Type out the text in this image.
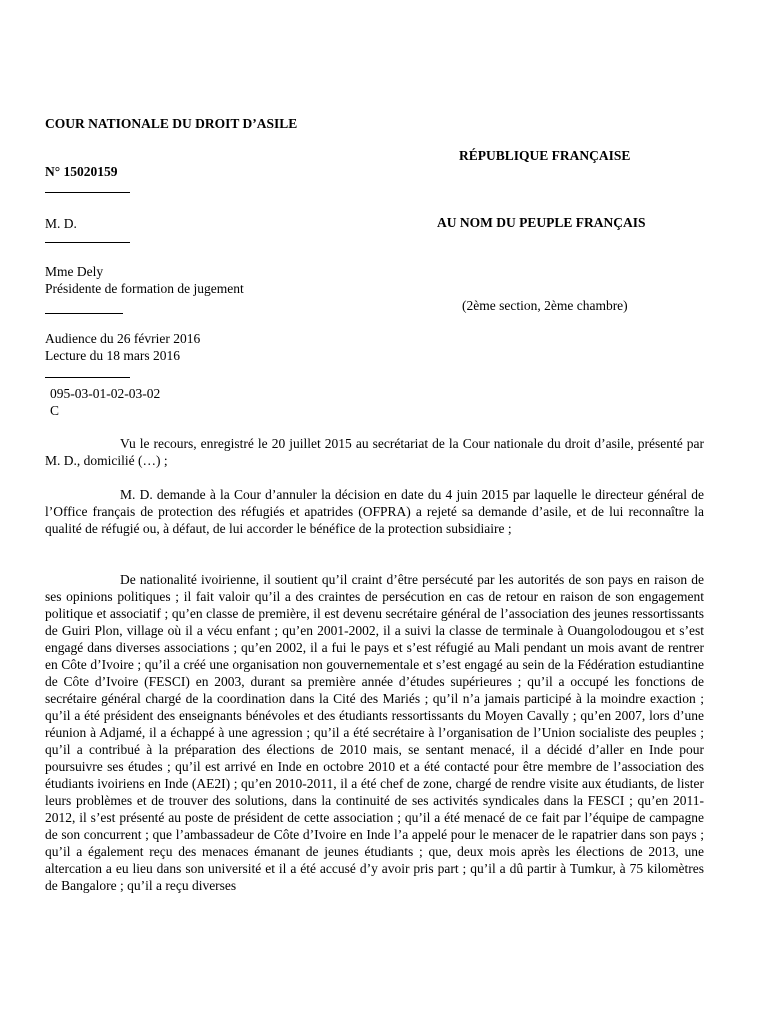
COUR NATIONALE DU DROIT D’ASILE
N° 15020159
M. D.
Mme Dely
Présidente de formation de jugement
Audience du 26 février 2016
Lecture du 18 mars 2016
095-03-01-02-03-02
C
RÉPUBLIQUE FRANÇAISE
AU NOM DU PEUPLE FRANÇAIS
(2ème section, 2ème chambre)

Vu le recours, enregistré le 20 juillet 2015 au secrétariat de la Cour nationale du droit d’asile, présenté par M. D., domicilié (…) ;

M. D. demande à la Cour d’annuler la décision en date du 4 juin 2015 par laquelle le directeur général de l’Office français de protection des réfugiés et apatrides (OFPRA) a rejeté sa demande d’asile, et de lui reconnaître la qualité de réfugié ou, à défaut, de lui accorder le bénéfice de la protection subsidiaire ;

De nationalité ivoirienne, il soutient qu’il craint d’être persécuté par les autorités de son pays en raison de ses opinions politiques ; il fait valoir qu’il a des craintes de persécution en cas de retour en raison de son engagement politique et associatif ; qu’en classe de première, il est devenu secrétaire général de l’association des jeunes ressortissants de Guiri Plon, village où il a vécu enfant ; qu’en 2001-2002, il a suivi la classe de terminale à Ouangolodougou et s’est engagé dans diverses associations ; qu’en 2002, il a fui le pays et s’est réfugié au Mali pendant un mois avant de rentrer en Côte d’Ivoire ; qu’il a créé une organisation non gouvernementale et s’est engagé au sein de la Fédération estudiantine de Côte d’Ivoire (FESCI) en 2003, durant sa première année d’études supérieures ; qu’il a occupé les fonctions de secrétaire général chargé de la coordination dans la Cité des Mariés ; qu’il n’a jamais participé à la moindre exaction ; qu’il a été président des enseignants bénévoles et des étudiants ressortissants du Moyen Cavally ; qu’en 2007, lors d’une réunion à Adjamé, il a échappé à une agression ; qu’il a été secrétaire à l’organisation de l’Union socialiste des peuples ; qu’il a contribué à la préparation des élections de 2010 mais, se sentant menacé, il a décidé d’aller en Inde pour poursuivre ses études ; qu’il est arrivé en Inde en octobre 2010 et a été contacté pour être membre de l’association des étudiants ivoiriens en Inde (AE2I) ; qu’en 2010-2011, il a été chef de zone, chargé de rendre visite aux étudiants, de lister leurs problèmes et de trouver des solutions, dans la continuité de ses activités syndicales dans la FESCI ; qu’en 2011-2012, il s’est présenté au poste de président de cette association ; qu’il a été menacé de ce fait par l’équipe de campagne de son concurrent ; que l’ambassadeur de Côte d’Ivoire en Inde l’a appelé pour le menacer de le rapatrier dans son pays ; qu’il a également reçu des menaces émanant de jeunes étudiants ; que, deux mois après les élections de 2013, une altercation a eu lieu dans son université et il a été accusé d’y avoir pris part ; qu’il a dû partir à Tumkur, à 75 kilomètres de Bangalore ; qu’il a reçu diverses
